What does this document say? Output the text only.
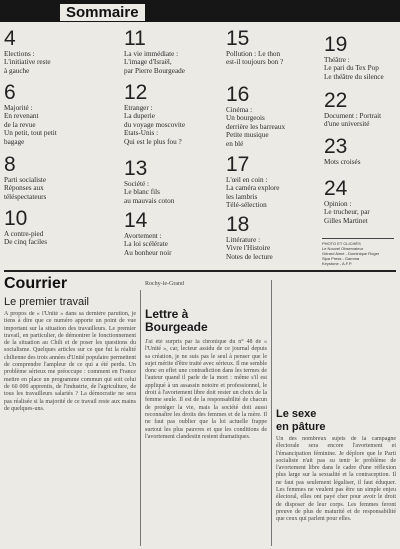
Sommaire
4
Elections :
L'initiative reste
à gauche
6
Majorité :
En revenant
de la revue
Un petit, tout petit
bagage
8
Parti socialiste
Réponses aux
téléspectateurs
10
A contre-pied
De cinq faciles
11
La vie immédiate :
L'image d'Israël,
par Pierre Bourgeade
12
Etranger :
La duperie
du voyage moscovite
Etats-Unis :
Qui est le plus fou ?
13
Société :
Le blanc fils
au mauvais coton
14
Avortement :
La loi scélérate
Au bonheur noir
15
Pollution : Le thon
est-il toujours bon ?
16
Cinéma :
Un bourgeois
derrière les barreaux
Petite musique
en blé
17
L'œil en coin :
La caméra explore
les lambris
Télé-sélection
18
Littérature :
Vivre l'Histoire
Notes de lecture
19
Théâtre :
Le pari du Tex Pop
Le théâtre du silence
22
Document : Portrait
d'une université
23
Mots croisés
24
Opinion :
Le trucheur, par
Gilles Martinet
PHOTO ET CLICHÉS
Le Nouvel Observateur
Gérard Aimé - Dominique Roger
Sipa Press - Gamma
Keystone - A.F.P.
Courrier
Le premier travail
A propos de « l'Unité » dans sa dernière parution, je tiens à dire que ce numéro apporte un point de vue important sur la situation des travailleurs. Le premier travail, en particulier, de démontrer le fonctionnement de la situation au Chili et de poser les questions du socialisme. Quelques articles sur ce que fut la réalité chilienne des trois années d'Unité populaire permettent de comprendre l'ampleur de ce qui a été perdu. Un problème sérieux me préoccupe : comment en France mettre en place un programme commun qui soit celui de 60 000 apprentis, de l'industrie, de l'agriculture, de tous les travailleurs salariés ? La démocratie ne sera pas réalisée si la majorité de ce travail reste aux mains de quelques-uns.
Rochy-le-Grand
Lettre à
Bourgeade
J'ai été surpris par la chronique du n° 48 de « l'Unité », car, lecteur assidu de ce journal depuis sa création, je ne suis pas le seul à penser que le sujet mérite d'être traité avec sérieux. Il me semble donc en effet une contradiction dans les termes de l'auteur quand il parle de la mort : même s'il est appliqué à un assassin notoire et professionnel, le droit à l'avortement libre doit rester un choix de la femme seule. Il est de la responsabilité de chacun de protéger la vie, mais la société doit aussi reconnaître les droits des femmes et de la mère. Il ne faut pas oublier que la loi actuelle frappe surtout les plus pauvres et que les conditions de l'avortement clandestin restent dramatiques.
Le sexe
en pâture
Un des nombreux sujets de la campagne électorale sera encore l'avortement et l'émancipation féminine. Je déplore que le Parti socialiste n'ait pas su tenir le problème de l'avortement libre dans le cadre d'une réflexion plus large sur la sexualité et la contraception. Il ne faut pas seulement légaliser, il faut éduquer. Les femmes ne veulent pas être un simple enjeu électoral, elles ont payé cher pour avoir le droit de disposer de leur corps. Les femmes feront preuve de plus de maturité et de responsabilité que ceux qui parlent pour elles.
